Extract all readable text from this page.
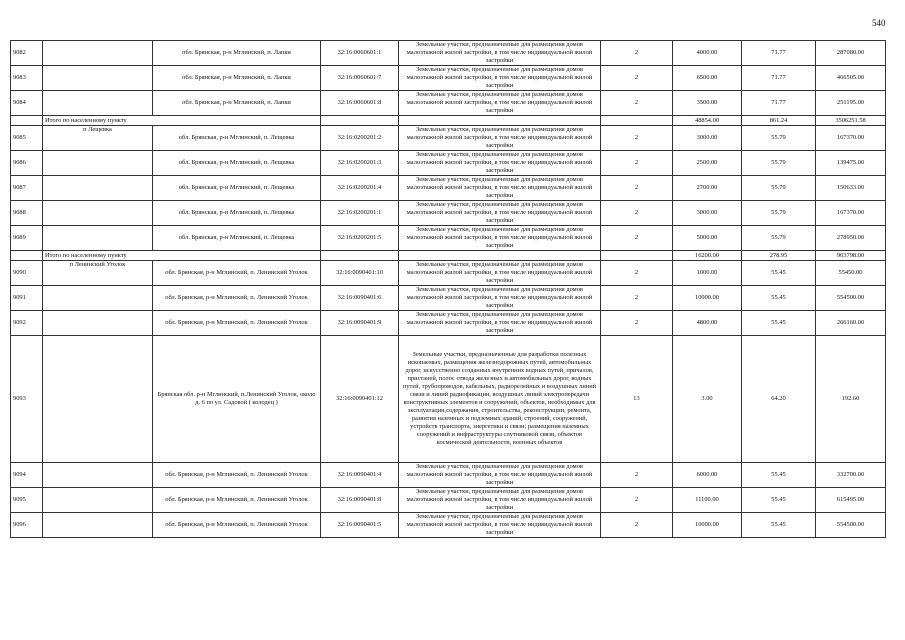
540
9082		обл. Брянская, р-н Мглинский, п. Лапки	32:16:0060601:1	Земельные участки, предназначенные для размещения домов малоэтажной жилой застройки, в том числе индивидуальной жилой застройки	2	4000.00	71.77	287080.00
9083		обл. Брянская, р-н Мглинский, п. Лапки	32:16:0060601:7	Земельные участки, предназначенные для размещения домов малоэтажной жилой застройки, в том числе индивидуальной жилой застройки	2	6500.00	71.77	466505.00
9084		обл. Брянская, р-н Мглинский, п. Лапки	32:16:0060601:8	Земельные участки, предназначенные для размещения домов малоэтажной жилой застройки, в том числе индивидуальной жилой застройки	2	3500.00	71.77	251195.00
	Итого по населенному пункту					48854.00	861.24	3506251.58
9085	п Лещевка	обл. Брянская, р-н Мглинский, п. Лещевка	32:16:0200201:2	Земельные участки, предназначенные для размещения домов малоэтажной жилой застройки, в том числе индивидуальной жилой застройки	2	3000.00	55.79	167370.00
9086		обл. Брянская, р-н Мглинский, п. Лещевка	32:16:0200201:3	Земельные участки, предназначенные для размещения домов малоэтажной жилой застройки, в том числе индивидуальной жилой застройки	2	2500.00	55.79	139475.00
9087		обл. Брянская, р-н Мглинский, п. Лещевка	32:16:0200201:4	Земельные участки, предназначенные для размещения домов малоэтажной жилой застройки, в том числе индивидуальной жилой застройки	2	2700.00	55.79	150633.00
9088		обл. Брянская, р-н Мглинский, п. Лещевка	32:16:0200201:1	Земельные участки, предназначенные для размещения домов малоэтажной жилой застройки, в том числе индивидуальной жилой застройки	2	3000.00	55.79	167370.00
9089		обл. Брянская, р-н Мглинский, п. Лещевка	32:16:0200201:5	Земельные участки, предназначенные для размещения домов малоэтажной жилой застройки, в том числе индивидуальной жилой застройки	2	5000.00	55.79	278950.00
	Итого по населенному пункту					16200.00	278.95	903798.00
9090	п Ленинский Уголок	обл. Брянская, р-н Мглинский, п. Ленинский Уголок	32:16:0090401:10	Земельные участки, предназначенные для размещения домов малоэтажной жилой застройки, в том числе индивидуальной жилой застройки	2	1000.00	55.45	55450.00
9091		обл. Брянская, р-н Мглинский, п. Ленинский Уголок	32:16:0090401:6	Земельные участки, предназначенные для размещения домов малоэтажной жилой застройки, в том числе индивидуальной жилой застройки	2	10000.00	55.45	554500.00
9092		обл. Брянская, р-н Мглинский, п. Ленинский Уголок	32:16:0090401:9	Земельные участки, предназначенные для размещения домов малоэтажной жилой застройки, в том числе индивидуальной жилой застройки	2	4800.00	55.45	266160.00
9093		Брянская обл. р-н Мглинский, п.Ленинский Уголок, около д. 6 по ул. Садовой ( колодец )	32:16:0090401:12	Земельные участки, предназначенные для разработки полезных ископаемых, размещения железнодорожных путей, автомобильных дорог, искусственно созданных внутренних водных путей, причалов, пристаней, полос отвода железных и автомобильных дорог, водных путей, трубопроводов, кабельных, радиорелейных и воздушных линий связи и линий радиофикации, воздушных линий электропередачи конструктивных элементов и сооружений, объектов, необходимых для эксплуатации,содержания, строительства, реконструкции, ремонта, развития наземных и подземных зданий, строений, сооружений, устройств транспорта, энергетики и связи; размещения наземных сооружений и инфраструктуры спутниковой связи, объектов космической деятельности, военных объектов	13	3.00	64.20	192.60
9094		обл. Брянская, р-н Мглинский, п. Ленинский Уголок	32:16:0090401:4	Земельные участки, предназначенные для размещения домов малоэтажной жилой застройки, в том числе индивидуальной жилой застройки	2	6000.00	55.45	332700.00
9095		обл. Брянская, р-н Мглинский, п. Ленинский Уголок	32:16:0090401:8	Земельные участки, предназначенные для размещения домов малоэтажной жилой застройки, в том числе индивидуальной жилой застройки	2	11100.00	55.45	615495.00
9096		обл. Брянская, р-н Мглинский, п. Ленинский Уголок	32:16:0090401:5	Земельные участки, предназначенные для размещения домов малоэтажной жилой застройки, в том числе индивидуальной жилой застройки	2	10000.00	55.45	554500.00
